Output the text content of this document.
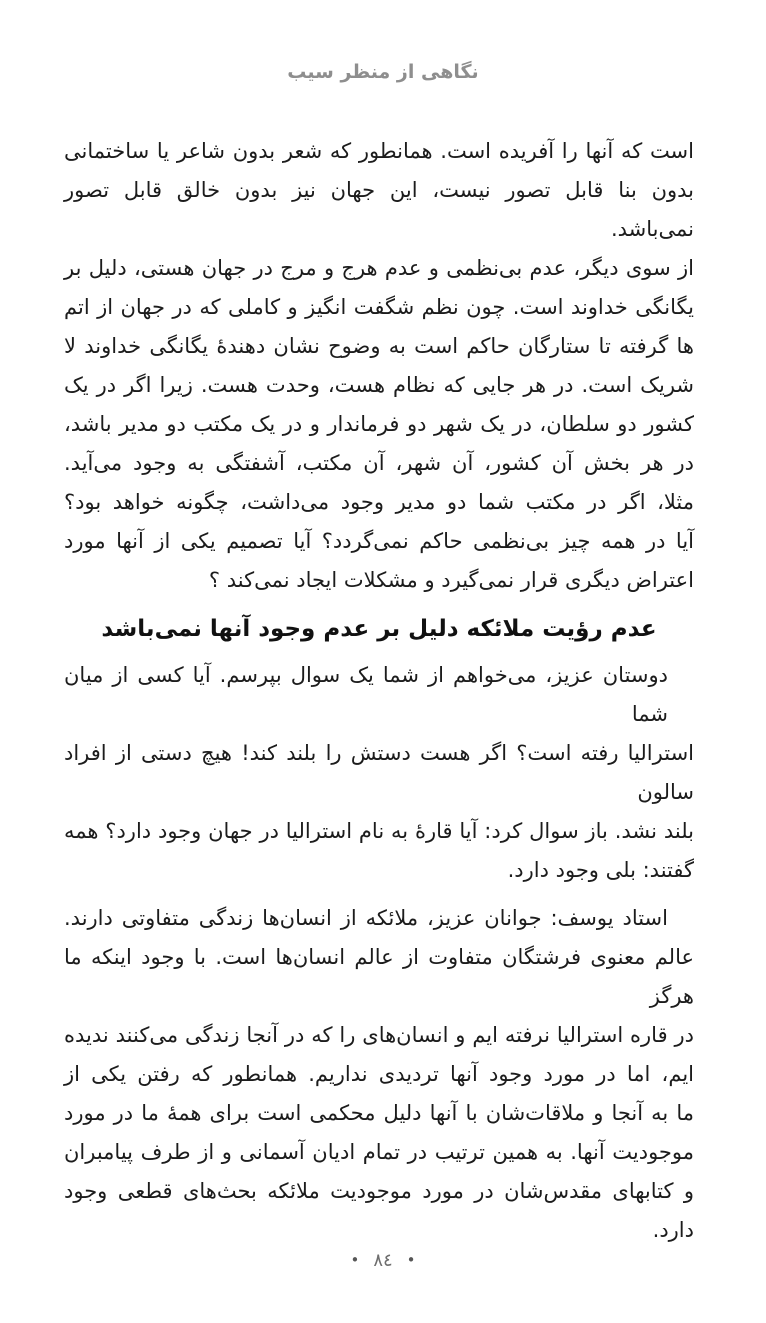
نگاهی از منظر سیب
است که آنها را آفریده است. همانطور که شعر بدون شاعر یا ساختمانی
بدون بنا قابل تصور نیست، این جهان نیز بدون خالق قابل تصور نمی‌باشد.
از سوی دیگر، عدم بی‌نظمی و عدم هرج و مرج در جهان هستی، دلیل بر
یگانگی خداوند است. چون نظم شگفت انگیز و کاملی که در جهان از اتم
ها گرفته تا ستارگان حاکم است به وضوح نشان دهندهٔ یگانگی خداوند لا
شریک است. در هر جایی که نظام هست، وحدت هست. زیرا اگر در یک
کشور دو سلطان، در یک شهر دو فرماندار و در یک مکتب دو مدیر باشد،
در هر بخش آن کشور، آن شهر، آن مکتب، آشفتگی به وجود می‌آید.
مثلا، اگر در مکتب شما دو مدیر وجود می‌داشت، چگونه خواهد بود؟
آیا در همه چیز بی‌نظمی حاکم نمی‌گردد؟ آیا تصمیم یکی از آنها مورد
اعتراض دیگری قرار نمی‌گیرد و مشکلات ایجاد نمی‌کند ؟
عدم رؤیت ملائکه دلیل بر عدم وجود آنها نمی‌باشد
دوستان عزیز، می‌خواهم از شما یک سوال بپرسم. آیا کسی از میان شما
استرالیا رفته است؟ اگر هست دستش را بلند کند! هیچ دستی از افراد سالون
بلند نشد. باز سوال کرد: آیا قارهٔ به نام استرالیا در جهان وجود دارد؟ همه
گفتند: بلی وجود دارد.
استاد یوسف: جوانان عزیز، ملائکه از انسان‌ها زندگی متفاوتی دارند.
عالم معنوی فرشتگان متفاوت از عالم انسان‌ها است. با وجود اینکه ما هرگز
در قاره استرالیا نرفته ایم و انسان‌های را که در آنجا زندگی می‌کنند ندیده
ایم، اما در مورد وجود آنها تردیدی نداریم. همانطور که رفتن یکی از
ما به آنجا و ملاقات‌شان با آنها دلیل محکمی است برای همهٔ ما در مورد
موجودیت آنها. به همین ترتیب در تمام ادیان آسمانی و از طرف پیامبران
و کتابهای مقدس‌شان در مورد موجودیت ملائکه بحث‌های قطعی وجود
دارد.
•٨٤•
